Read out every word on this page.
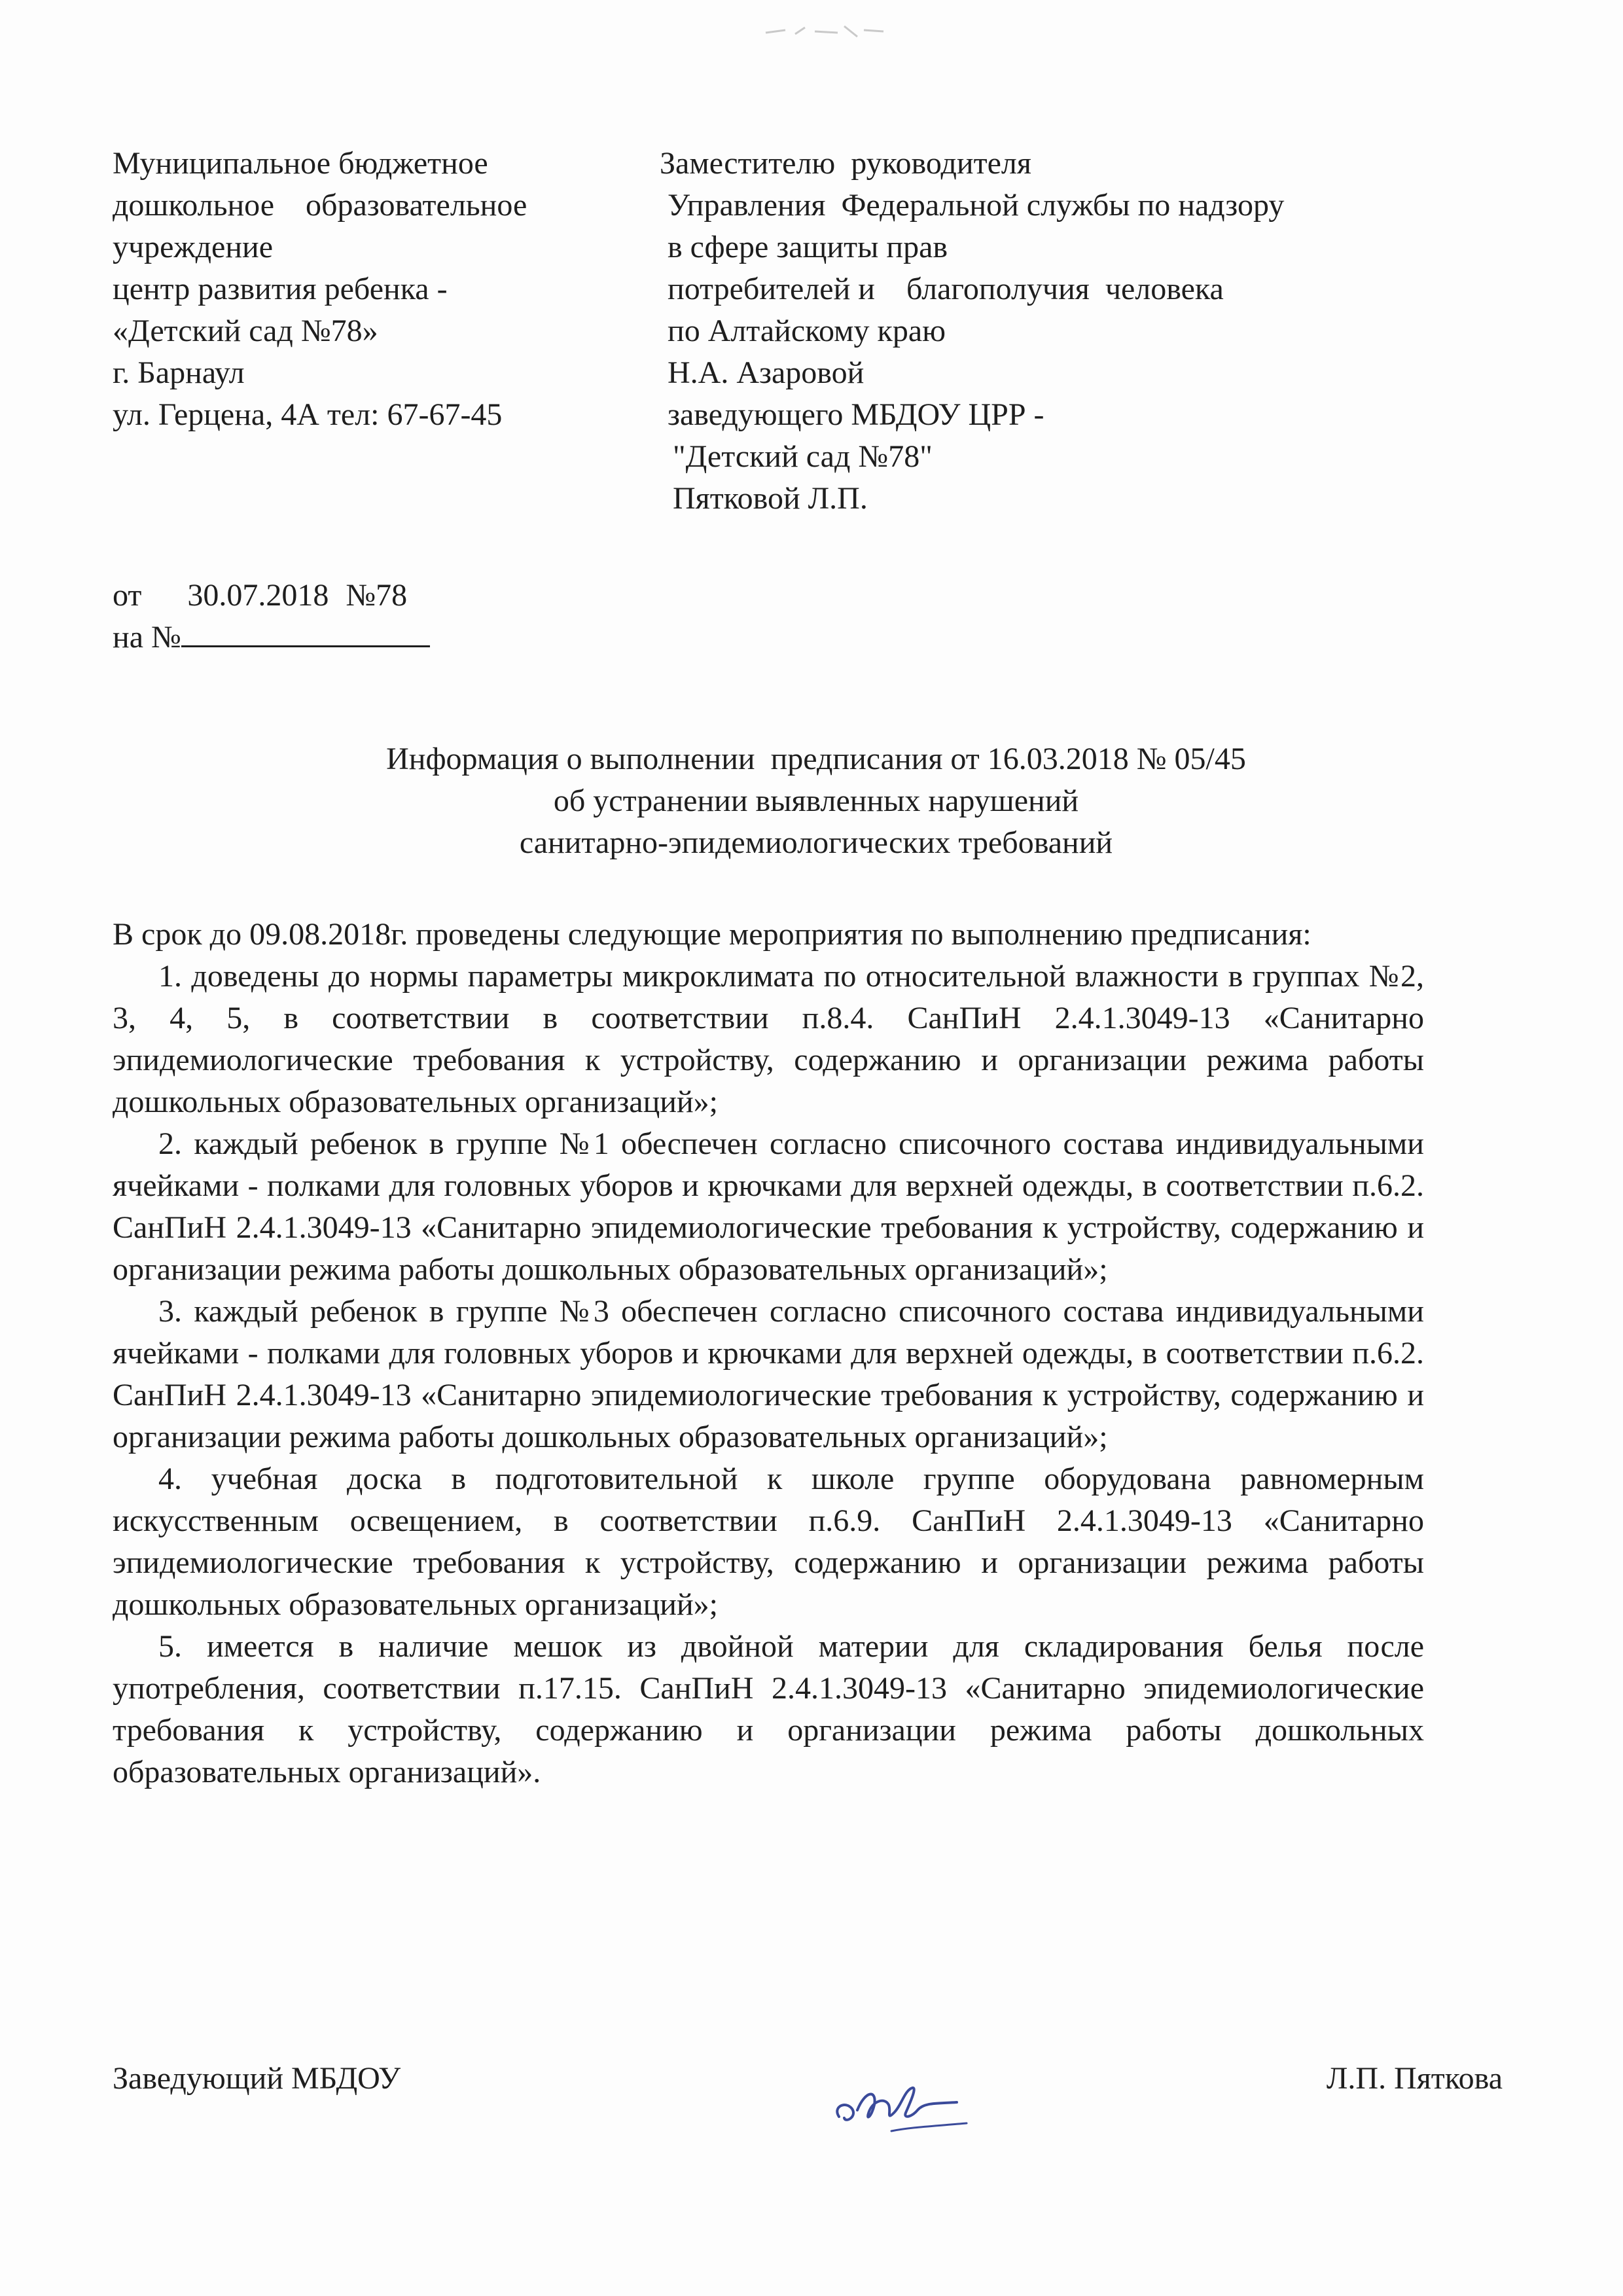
Муниципальное бюджетное
дошкольное    образовательное
учреждение
центр развития ребенка -
«Детский сад №78»
г. Барнаул
ул. Герцена, 4А тел: 67-67-45
Заместителю  руководителя
Управления  Федеральной службы по надзору
в сфере защиты прав
потребителей и    благополучия  человека
по Алтайскому краю
Н.А. Азаровой
заведующего МБДОУ ЦРР -
"Детский сад №78"
Пятковой Л.П.
от 30.07.2018 №78
на №
Информация о выполнении  предписания от 16.03.2018 № 05/45
об устранении выявленных нарушений
санитарно-эпидемиологических требований

В срок до 09.08.2018г. проведены следующие мероприятия по выполнению предписания:

1. доведены до нормы параметры микроклимата по относительной влажности в группах №2, 3, 4, 5, в соответствии в соответствии п.8.4. СанПиН 2.4.1.3049-13 «Санитарно эпидемиологические требования к устройству, содержанию и организации режима работы дошкольных образовательных организаций»;

2. каждый ребенок в группе №1 обеспечен согласно списочного состава индивидуальными ячейками - полками для головных уборов и крючками для верхней одежды, в соответствии п.6.2. СанПиН 2.4.1.3049-13 «Санитарно эпидемиологические требования к устройству, содержанию и организации режима работы дошкольных образовательных организаций»;

3. каждый ребенок в группе №3 обеспечен согласно списочного состава индивидуальными ячейками - полками для головных уборов и крючками для верхней одежды, в соответствии п.6.2. СанПиН 2.4.1.3049-13 «Санитарно эпидемиологические требования к устройству, содержанию и организации режима работы дошкольных образовательных организаций»;

4. учебная доска в подготовительной к школе группе оборудована равномерным искусственным освещением, в соответствии п.6.9. СанПиН 2.4.1.3049-13 «Санитарно эпидемиологические требования к устройству, содержанию и организации режима работы дошкольных образовательных организаций»;

5. имеется в наличие мешок из двойной материи для складирования белья после употребления, соответствии п.17.15. СанПиН 2.4.1.3049-13 «Санитарно эпидемиологические требования к устройству, содержанию и организации режима работы дошкольных образовательных организаций».

Заведующий МБДОУ	Л.П. Пяткова
